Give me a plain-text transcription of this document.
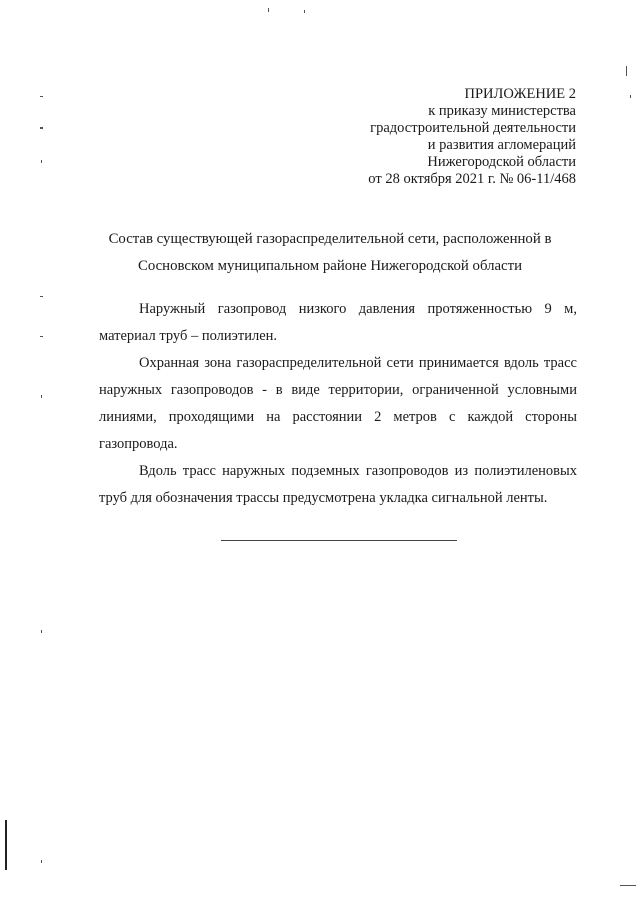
ПРИЛОЖЕНИЕ 2
к приказу министерства
градостроительной деятельности
и развития агломераций
Нижегородской области
от 28 октября 2021 г. № 06-11/468
Состав существующей газораспределительной сети, расположенной в
Сосновском муниципальном районе Нижегородской области

Наружный газопровод низкого давления протяженностью 9 м, материал труб – полиэтилен.

Охранная зона газораспределительной сети принимается вдоль трасс наружных газопроводов - в виде территории, ограниченной условными линиями, проходящими на расстоянии 2 метров с каждой стороны газопровода.

Вдоль трасс наружных подземных газопроводов из полиэтиленовых труб для обозначения трассы предусмотрена укладка сигнальной ленты.
